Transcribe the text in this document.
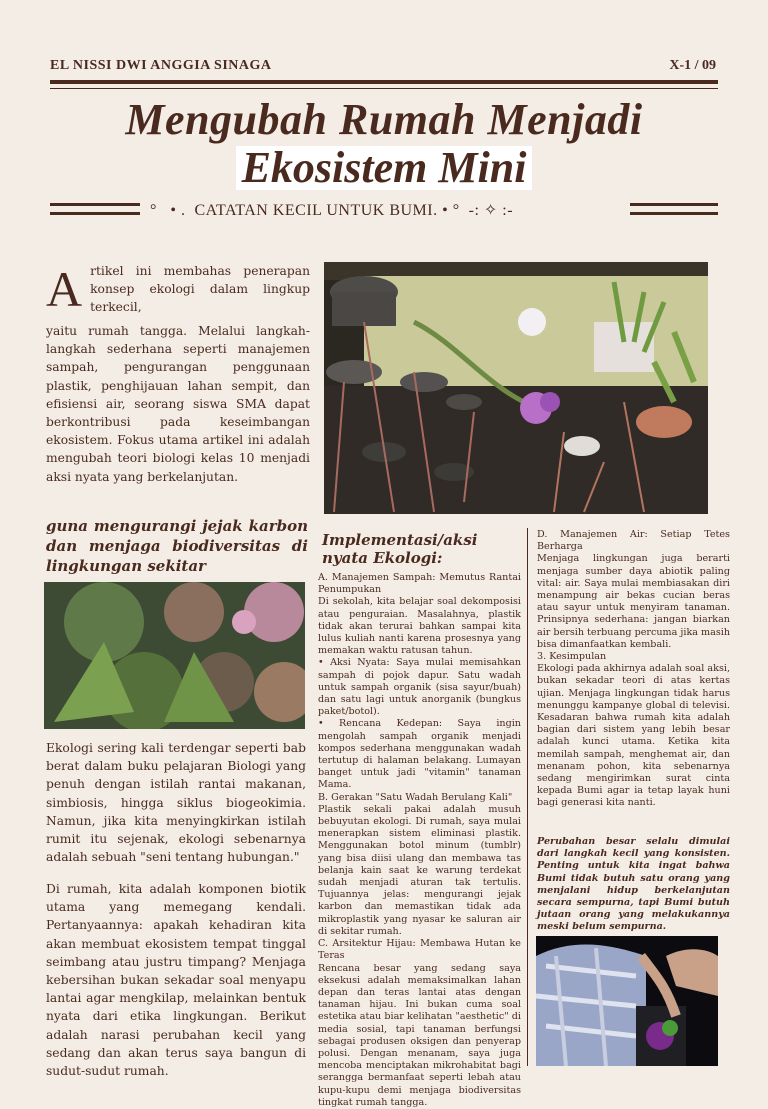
EL NISSI DWI ANGGIA SINAGA	X-1 / 09
Mengubah Rumah Menjadi
Ekosistem Mini
°   • .  CATATAN KECIL UNTUK BUMI. • °  -: ✧ :-
A rtikel ini membahas penerapan konsep ekologi dalam lingkup terkecil,
yaitu rumah tangga. Melalui langkah-langkah sederhana seperti manajemen sampah, pengurangan penggunaan plastik, penghijauan lahan sempit, dan efisiensi air, seorang siswa SMA dapat berkontribusi pada keseimbangan ekosistem. Fokus utama artikel ini adalah mengubah teori biologi kelas 10 menjadi aksi nyata yang berkelanjutan.
guna mengurangi jejak karbon dan menjaga biodiversitas di lingkungan sekitar
Ekologi sering kali terdengar seperti bab berat dalam buku pelajaran Biologi yang penuh dengan istilah rantai makanan, simbiosis, hingga siklus biogeokimia. Namun, jika kita menyingkirkan istilah rumit itu sejenak, ekologi sebenarnya adalah sebuah "seni tentang hubungan."
Di rumah, kita adalah komponen biotik utama yang memegang kendali. Pertanyaannya: apakah kehadiran kita akan membuat ekosistem tempat tinggal seimbang atau justru timpang? Menjaga kebersihan bukan sekadar soal menyapu lantai agar mengkilap, melainkan bentuk nyata dari etika lingkungan. Berikut adalah narasi perubahan kecil yang sedang dan akan terus saya bangun di sudut-sudut rumah.
Implementasi/aksi nyata Ekologi:
A. Manajemen Sampah: Memutus Rantai Penumpukan
Di sekolah, kita belajar soal dekomposisi atau penguraian. Masalahnya, plastik tidak akan terurai bahkan sampai kita lulus kuliah nanti karena prosesnya yang memakan waktu ratusan tahun.
• Aksi Nyata: Saya mulai memisahkan sampah di pojok dapur. Satu wadah untuk sampah organik (sisa sayur/buah) dan satu lagi untuk anorganik (bungkus paket/botol).
• Rencana Kedepan: Saya ingin mengolah sampah organik menjadi kompos sederhana menggunakan wadah tertutup di halaman belakang. Lumayan banget untuk jadi "vitamin" tanaman Mama.
B. Gerakan "Satu Wadah Berulang Kali"
Plastik sekali pakai adalah musuh bebuyutan ekologi. Di rumah, saya mulai menerapkan sistem eliminasi plastik. Menggunakan botol minum (tumblr) yang bisa diisi ulang dan membawa tas belanja kain saat ke warung terdekat sudah menjadi aturan tak tertulis. Tujuannya jelas: mengurangi jejak karbon dan memastikan tidak ada mikroplastik yang nyasar ke saluran air di sekitar rumah.
C. Arsitektur Hijau: Membawa Hutan ke Teras
Rencana besar yang sedang saya eksekusi adalah memaksimalkan lahan depan dan teras lantai atas dengan tanaman hijau. Ini bukan cuma soal estetika atau biar kelihatan "aesthetic" di media sosial, tapi tanaman berfungsi sebagai produsen oksigen dan penyerap polusi. Dengan menanam, saya juga mencoba menciptakan mikrohabitat bagi serangga bermanfaat seperti lebah atau kupu-kupu demi menjaga biodiversitas tingkat rumah tangga.
D. Manajemen Air: Setiap Tetes Berharga
Menjaga lingkungan juga berarti menjaga sumber daya abiotik paling vital: air. Saya mulai membiasakan diri menampung air bekas cucian beras atau sayur untuk menyiram tanaman. Prinsipnya sederhana: jangan biarkan air bersih terbuang percuma jika masih bisa dimanfaatkan kembali.
3. Kesimpulan
Ekologi pada akhirnya adalah soal aksi, bukan sekadar teori di atas kertas ujian. Menjaga lingkungan tidak harus menunggu kampanye global di televisi. Kesadaran bahwa rumah kita adalah bagian dari sistem yang lebih besar adalah kunci utama. Ketika kita memilah sampah, menghemat air, dan menanam pohon, kita sebenarnya sedang mengirimkan surat cinta kepada Bumi agar ia tetap layak huni bagi generasi kita nanti.
Perubahan besar selalu dimulai dari langkah kecil yang konsisten. Penting untuk kita ingat bahwa Bumi tidak butuh satu orang yang menjalani hidup berkelanjutan secara sempurna, tapi Bumi butuh jutaan orang yang melakukannya meski belum sempurna.
